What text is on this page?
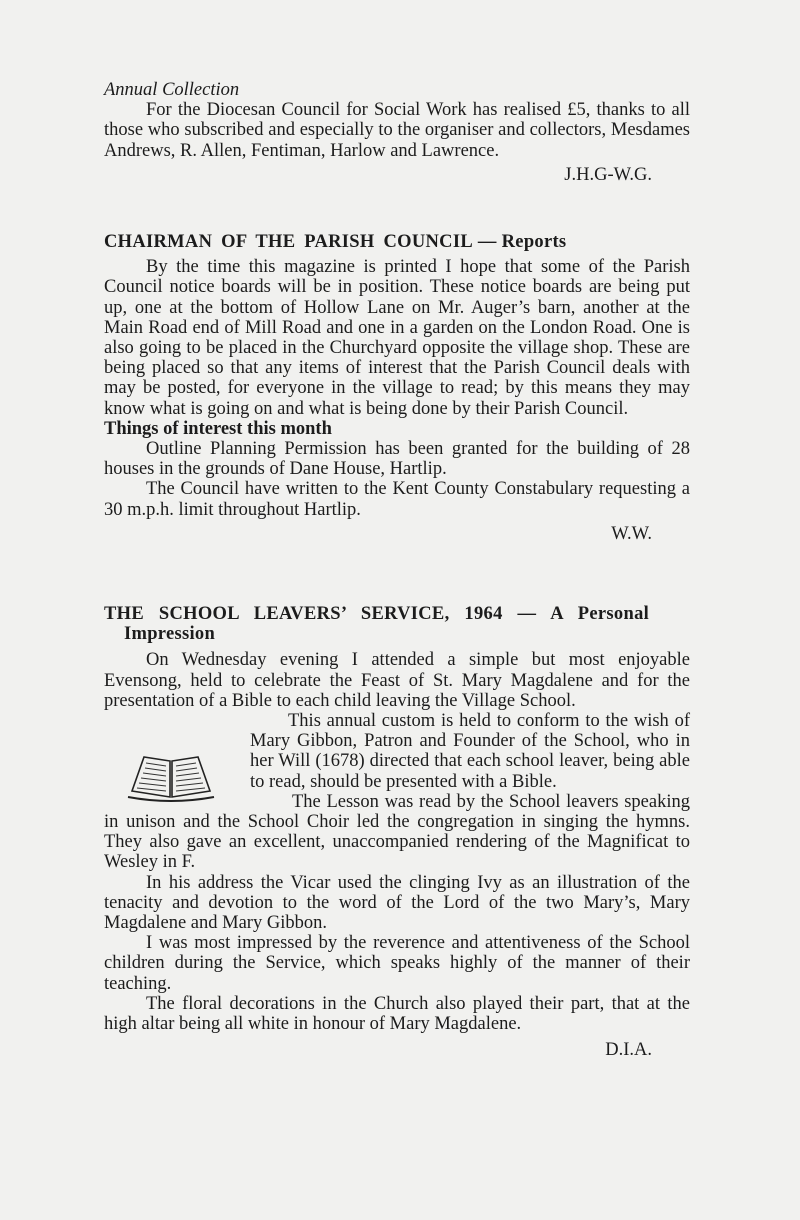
Annual Collection

For the Diocesan Council for Social Work has realised £5, thanks to all those who subscribed and especially to the organiser and collectors, Mesdames Andrews, R. Allen, Fentiman, Harlow and Lawrence.

J.H.G-W.G.

CHAIRMAN OF THE PARISH COUNCIL — Reports

By the time this magazine is printed I hope that some of the Parish Council notice boards will be in position. These notice boards are being put up, one at the bottom of Hollow Lane on Mr. Auger’s barn, another at the Main Road end of Mill Road and one in a garden on the London Road. One is also going to be placed in the Churchyard opposite the village shop. These are being placed so that any items of interest that the Parish Council deals with may be posted, for everyone in the village to read; by this means they may know what is going on and what is being done by their Parish Council.

Things of interest this month

Outline Planning Permission has been granted for the building of 28 houses in the grounds of Dane House, Hartlip.

The Council have written to the Kent County Constabulary requesting a 30 m.p.h. limit throughout Hartlip.

W.W.

THE SCHOOL LEAVERS’ SERVICE, 1964 — A Personal
Impression

On Wednesday evening I attended a simple but most enjoyable Evensong, held to celebrate the Feast of St. Mary Magdalene and for the presentation of a Bible to each child leaving the Village School.

This annual custom is held to conform to the wish of Mary Gibbon, Patron and Founder of the School, who in her Will (1678) directed that each school leaver, being able to read, should be presented with a Bible.

The Lesson was read by the School leavers speaking in unison and the School Choir led the congregation in singing the hymns. They also gave an excellent, unaccompanied rendering of the Magnificat to Wesley in F.

In his address the Vicar used the clinging Ivy as an illustration of the tenacity and devotion to the word of the Lord of the two Mary’s, Mary Magdalene and Mary Gibbon.

I was most impressed by the reverence and attentiveness of the School children during the Service, which speaks highly of the manner of their teaching.

The floral decorations in the Church also played their part, that at the high altar being all white in honour of Mary Magdalene.

D.I.A.
